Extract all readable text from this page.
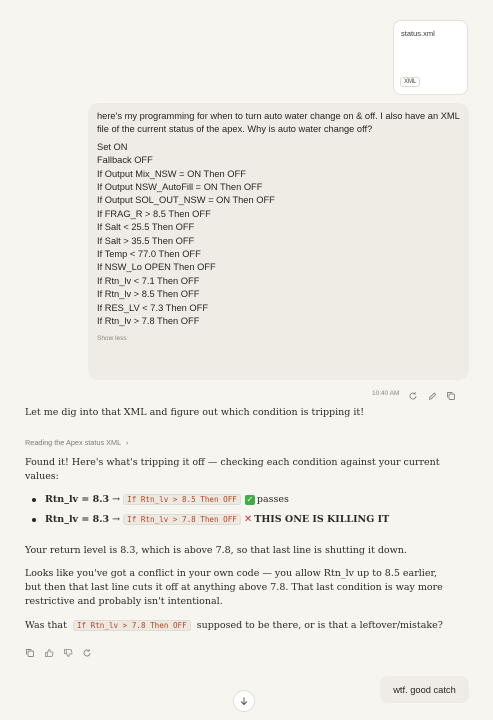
status.xml
XML
here's my programming for when to turn auto water change on & off. I also have an XML file of the current status of the apex. Why is auto water change off?
Set ON
Fallback OFF
If Output Mix_NSW = ON Then OFF
If Output NSW_AutoFill = ON Then OFF
If Output SOL_OUT_NSW = ON Then OFF
If FRAG_R > 8.5 Then OFF
If Salt < 25.5 Then OFF
If Salt > 35.5 Then OFF
If Temp < 77.0 Then OFF
If NSW_Lo OPEN Then OFF
If Rtn_lv < 7.1 Then OFF
If Rtn_lv > 8.5 Then OFF
If RES_LV < 7.3 Then OFF
If Rtn_lv > 7.8 Then OFF
Show less
10:40 AM
Let me dig into that XML and figure out which condition is tripping it!
Reading the Apex status XML ›
Found it! Here's what's tripping it off — checking each condition against your current values:
Rtn_lv = 8.3 → If Rtn_lv > 8.5 Then OFF	✓ passes
Rtn_lv = 8.3 → If Rtn_lv > 7.8 Then OFF ✕ THIS ONE IS KILLING IT
Your return level is 8.3, which is above 7.8, so that last line is shutting it down.
Looks like you've got a conflict in your own code — you allow Rtn_lv up to 8.5 earlier, but then that last line cuts it off at anything above 7.8. That last condition is way more restrictive and probably isn't intentional.
Was that If Rtn_lv > 7.8 Then OFF supposed to be there, or is that a leftover/mistake?
wtf. good catch
